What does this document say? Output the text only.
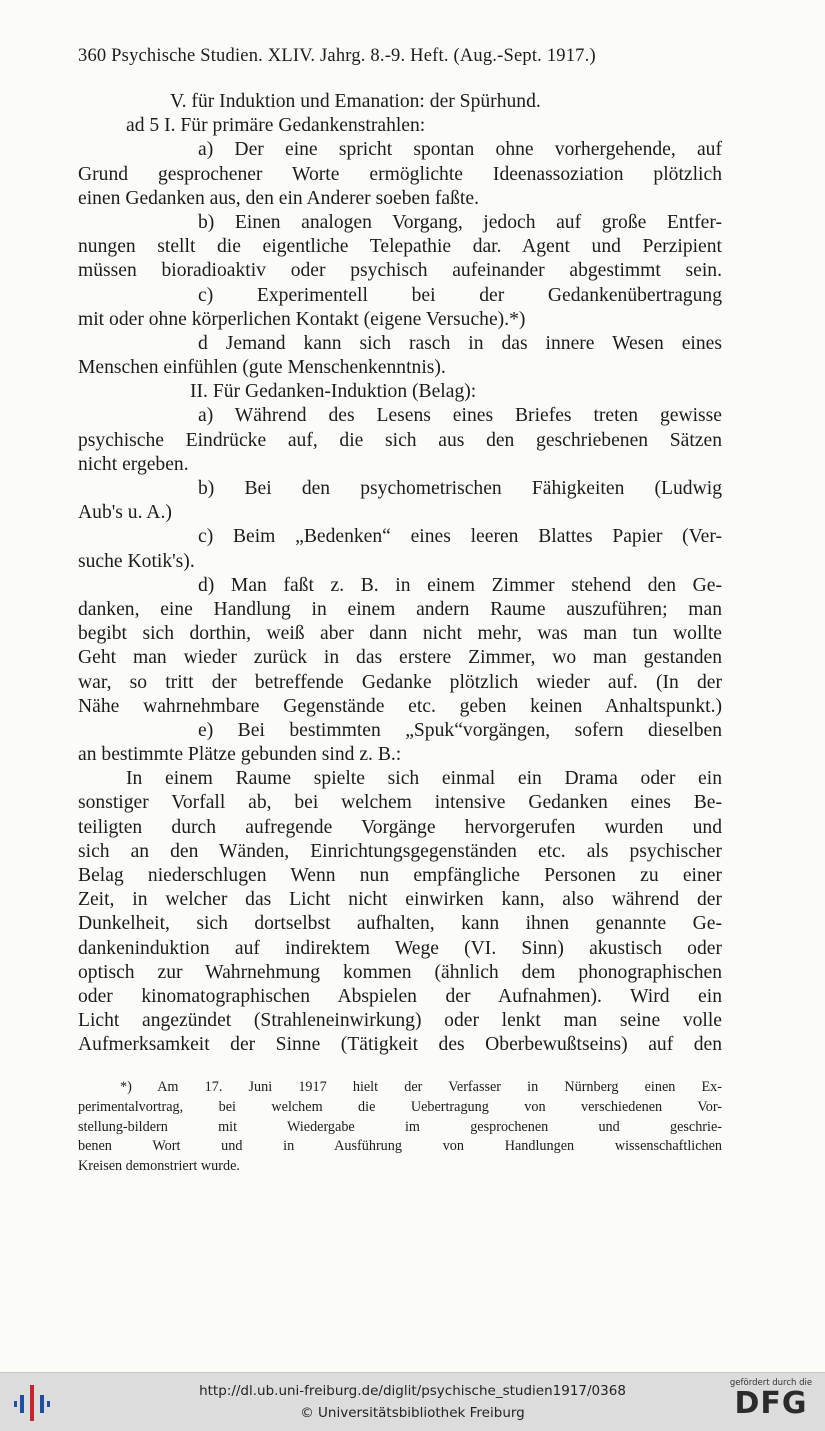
360 Psychische Studien. XLIV. Jahrg. 8.-9. Heft. (Aug.-Sept. 1917.)
V. für Induktion und Emanation: der Spürhund.
ad 5 I. Für primäre Gedankenstrahlen:
a) Der eine spricht spontan ohne vorhergehende, auf
Grund gesprochener Worte ermöglichte Ideenassoziation plötzlich
einen Gedanken aus, den ein Anderer soeben faßte.
b) Einen analogen Vorgang, jedoch auf große Entfer-
nungen stellt die eigentliche Telepathie dar. Agent und Perzipient
müssen bioradioaktiv oder psychisch aufeinander abgestimmt sein.
c) Experimentell bei der Gedankenübertragung
mit oder ohne körperlichen Kontakt (eigene Versuche).*)
d Jemand kann sich rasch in das innere Wesen eines
Menschen einfühlen (gute Menschenkenntnis).
II. Für Gedanken-Induktion (Belag):
a) Während des Lesens eines Briefes treten gewisse
psychische Eindrücke auf, die sich aus den geschriebenen Sätzen
nicht ergeben.
b) Bei den psychometrischen Fähigkeiten (Ludwig
Aub's u. A.)
c) Beim „Bedenken“ eines leeren Blattes Papier (Ver-
suche Kotik's).
d) Man faßt z. B. in einem Zimmer stehend den Ge-
danken, eine Handlung in einem andern Raume auszuführen; man
begibt sich dorthin, weiß aber dann nicht mehr, was man tun wollte
Geht man wieder zurück in das erstere Zimmer, wo man gestanden
war, so tritt der betreffende Gedanke plötzlich wieder auf. (In der
Nähe wahrnehmbare Gegenstände etc. geben keinen Anhaltspunkt.)
e) Bei bestimmten „Spuk“vorgängen, sofern dieselben
an bestimmte Plätze gebunden sind z. B.:
In einem Raume spielte sich einmal ein Drama oder ein
sonstiger Vorfall ab, bei welchem intensive Gedanken eines Be-
teiligten durch aufregende Vorgänge hervorgerufen wurden und
sich an den Wänden, Einrichtungsgegenständen etc. als psychischer
Belag niederschlugen Wenn nun empfängliche Personen zu einer
Zeit, in welcher das Licht nicht einwirken kann, also während der
Dunkelheit, sich dortselbst aufhalten, kann ihnen genannte Ge-
dankeninduktion auf indirektem Wege (VI. Sinn) akustisch oder
optisch zur Wahrnehmung kommen (ähnlich dem phonographischen
oder kinomatographischen Abspielen der Aufnahmen). Wird ein
Licht angezündet (Strahleneinwirkung) oder lenkt man seine volle
Aufmerksamkeit der Sinne (Tätigkeit des Oberbewußtseins) auf den
*) Am 17. Juni 1917 hielt der Verfasser in Nürnberg einen Ex-
perimentalvortrag, bei welchem die Uebertragung von verschiedenen Vor-
stellung-bildern mit Wiedergabe im gesprochenen und geschrie-
benen Wort und in Ausführung von Handlungen wissenschaftlichen
Kreisen demonstriert wurde.
http://dl.ub.uni-freiburg.de/diglit/psychische_studien1917/0368
© Universitätsbibliothek Freiburg
gefördert durch die
DFG
